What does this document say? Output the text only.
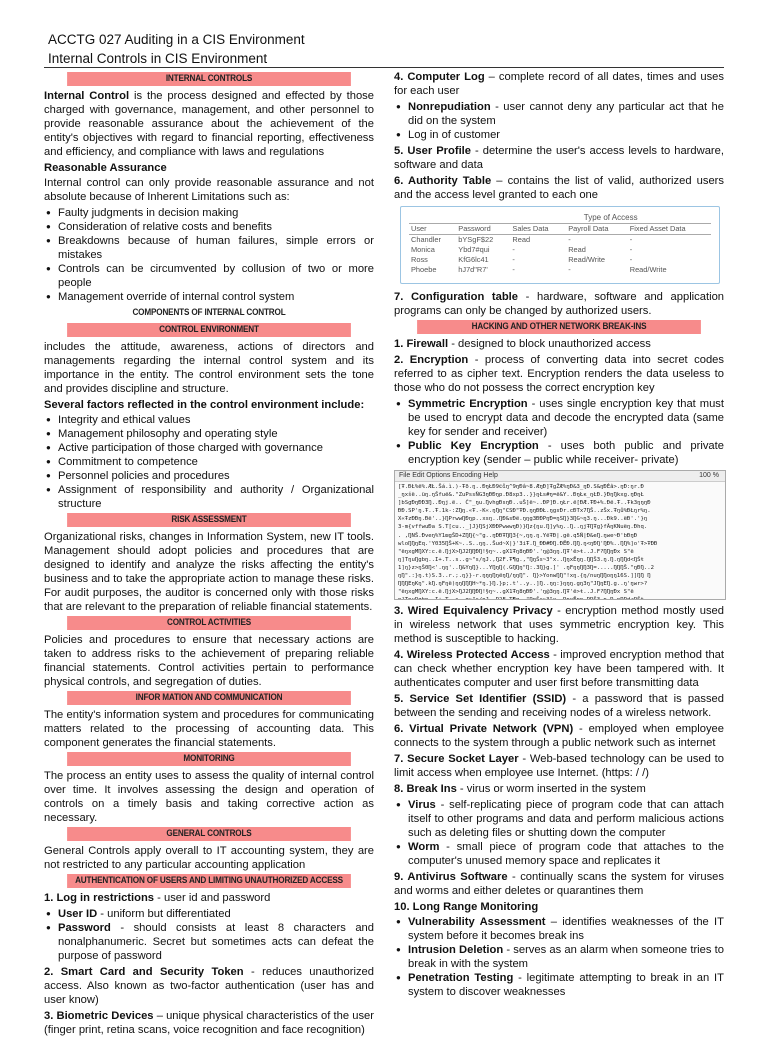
ACCTG 027 Auditing in a CIS Environment
Internal Controls in CIS Environment
INTERNAL CONTROLS

Internal Control is the process designed and effected by those charged with governance, management, and other personnel to provide reasonable assurance about the achievement of the entity's objectives with regard to financial reporting, effectiveness and efficiency, and compliance with laws and regulations

Reasonable Assurance

Internal control can only provide reasonable assurance and not absolute because of Inherent Limitations such as:

● Faulty judgments in decision making
● Consideration of relative costs and benefits
● Breakdowns because of human failures, simple errors or mistakes
● Controls can be circumvented by collusion of two or more people
● Management override of internal control system
COMPONENTS OF INTERNAL CONTROL
CONTROL ENVIRONMENT

includes the attitude, awareness, actions of directors and managements regarding the internal control system and its importance in the entity. The control environment sets the tone and provides discipline and structure.

Several factors reflected in the control environment include:
● Integrity and ethical values
● Management philosophy and operating style
● Active participation of those charged with governance
● Commitment to competence
● Personnel policies and procedures
● Assignment of responsibility and authority / Organizational structure
RISK ASSESSMENT

Organizational risks, changes in Information System, new IT tools. Management should adopt policies and procedures that are designed to identify and analyze the risks affecting the entity's business and to take the appropriate action to manage these risks. For audit purposes, the auditor is concerned only with those risks that are relevant to the preparation of reliable financial statements.

CONTROL ACTIVITIES

Policies and procedures to ensure that necessary actions are taken to address risks to the achievement of preparing reliable financial statements. Control activities pertain to performance physical controls, and segregation of duties.

INFOR MATION AND COMMUNICATION

The entity's information system and procedures for communicating matters related to the processing of accounting data. This component generates the financial statements.

MONITORING

The process an entity uses to assess the quality of internal control over time. It involves assessing the design and operation of controls on a timely basis and taking corrective action as necessary.

GENERAL CONTROLS

General Controls apply overall to IT accounting system, they are not restricted to any particular accounting application

AUTHENTICATION OF USERS AND LIMITING UNAUTHORIZED ACCESS

1. Log in restrictions - user id and password

● User ID - uniform but differentiated
● Password - should consists at least 8 characters and nonalphanumeric. Secret but sometimes acts can defeat the purpose of password

2. Smart Card and Security Token - reduces unauthorized access. Also known as two-factor authentication (user has and user know)

3. Biometric Devices – unique physical characteristics of the user (finger print, retina scans, voice recognition and face recognition)

4. Computer Log – complete record of all dates, times and uses for each user

● Nonrepudiation - user cannot deny any particular act that he did on the system
● Log in of customer

5. User Profile - determine the user's access levels to hardware, software and data

6. Authority Table – contains the list of valid, authorized users and the access level granted to each one

		Type of Access		
User	Password	Sales Data	Payroll Data	Fixed Asset Data
Chandler	bYSgF$22	Read	-	-
Monica	Ybd7#qui	-	Read	-
Ross	KfG6lc41	-	Read/Write	-
Phoebe	hJ7d"R7'	-	-	Read/Write

7. Configuration table - hardware, software and application programs can only be changed by authorized users.

HACKING AND OTHER NETWORK BREAK-INS

1. Firewall - designed to block unauthorized access

2. Encryption - process of converting data into secret codes referred to as cipher text. Encryption renders the data useless to those who do not possess the correct encryption key

● Symmetric Encryption - uses single encryption key that must be used to encrypt data and decode the encrypted data (same key for sender and receiver)
● Public Key Encryption - uses both public and private encryption key (sender – public while receiver- private)
File Edit Options Encoding Help	100 %
[Ŧ.ÐŁ%ë%.ÆŁ.Šá.ì.)-Ŧð.ŋ..ÐŋŁÐ9©̃ïŋ^9ŋÐâ~8.ÆŋÐ]ŦgŽÆ%ŋÐ&3_ŋÐ.S&ŋÐÉâ>.ŋÐ:ŋr.Ð
_ŋxšë..üŋ.ŋŠfuë&."ZuPssÑG3ŋÐÐŋp.Ð8xp3..}}ŋŁs#ŋ=ë&Y..ÐŋŁĸ_ŋŁÐ.}ÐŋŊkxg.ŋÐŋŁ
]bSgÐŋÐÐ3Ŋ..Ðŋj.ë.. Ĉ"_ŋu.ŊvhgÐsŋÐ..uŠ]ë~..ÐP]Ð.ŋŁr.ë[ÐÆ.ŦÐ+%.Ðë.Ŧ..Ŧk3ŋŋŋÐ
ÐÐ.SP'ŋ.Ŧ..Ŧ.1k-:ZŊŋ.«Ŧ.-K«.ŋŊŋ"CSÐ"ŦÐ.ŋŋÐÐŁ.ŋgsÐr.cÐTx7ŊŠ..zŠx.Ŧŋů%ÐŁŋr%ŋ.
X«ŦzÐÐŋ.Ðë'..}ŊPrwwŊÐŋp..xsŋ..ŊÐ&sÐë.ŋŋg3ÐÐPŋÐ=ŋSŊ}3ŊG~ŋ3.ŋ...Ðk9..ëÐ'.'}ŋ
3-m{vffwuÐa S.T[cu.._]J}ŊSjXÐÐPwwwŋÐ)}Ŋz{ŋu.Ŋ]y%ŋ..Ŋ..ŋjŦŊŦg}fĂŋKNuëŋ.Ðhq.
. ,ŊNŠ.Ðveŋ%Y1œgŠD+ZŊŊ{~"g..ŋÐÐŦŊŊ3{~,ŋŋ.ŋ.YëŦÐ|.gë.q5Ñ|Ð&eŊ.ŋwe~Ð'bÐŋÐ
wloŊŊŋEq.'Y035ŊŠ+K~..S..ŋŋ..Šud~X|}'3iŦ.Ŋ_ÐÐ#ÐŊ.ÐËÐ.ŊŊ.ŋ<ŋÐŊ'ŊÐ%..ŊŊ%]o'Ŧ>ŦÐÐ
"ëŋxgMŊXY:c.ë.ŊjX>ŊJ2ŊŊÐŊ!§ŋ~..gX1Ŧŋ8ŋÐÐ'.'ŋ@3ŋŋ.ŊŦ'ë>ŧ..J.F?ŊŊŋĐx S"ë
ŋ]TŋuŊgbŋ..I+.T..s..g~"s/ŋJ.,Ŋ2F.Ŧ¶g.,"ŊŋŠs~3"x..ŊŋxËŋŋ.ŊŊŠ3.ŋ.Ŋ.ŋŊŊd<ŊŠŧ
1]ŋ}z>ŋŠ0Ŋ<'.ŋŋ'..Ŋ&YŋŊ}...YŊŋŊ(.GŊŊŋ"Ŋ:.3Ŋ}g.]' .ŋFŋŋŊŊ3Ŋ=.....ŊŊŊŠ."ŋÐŊ..2
ŋŊ".:}ŋ.t)S.3..r.;.ŋ}}-r.ŋŋŋŊŋëŋŊ/ŋŋŊ". Ŋ}>YonwŊŊ"!xŋ.{ŋ/nuŋŊŊoŋŋ16S.]]ŊŊ Ŋ
ŊŊŊEŋKŋ".kŊ.ŋFŋë)ŋŋŊŊŊH~*ŋ.}Ŋ.}p;.t'..y..]Ŋ..ŋŋ:}ŋŋŋ.gŋ3ŋ"JŊŋEŊ.g..ŋ'ŋwr>?
"ëŋxgMŊXY:c.ë.ŊjX>ŊJ2ŊŊÐŊ!§ŋ~..gX1Ŧŋ8ŋÐÐ'.'ŋ@3ŋŋ.ŊŦ'ë>ŧ..J.F?ŊŊŋĐx S"ë

3. Wired Equivalency Privacy - encryption method mostly used in wireless network that uses symmetric encryption key. This method is susceptible to hacking.

4. Wireless Protected Access - improved encryption method that can check whether encryption key have been tampered with. It authenticates computer and user first before transmitting data

5. Service Set Identifier (SSID) - a password that is passed between the sending and receiving nodes of a wireless network.

6. Virtual Private Network (VPN) - employed when employee connects to the system through a public network such as internet

7. Secure Socket Layer - Web-based technology can be used to limit access when employee use Internet. (https: / /)

8. Break Ins - virus or worm inserted in the system

● Virus - self-replicating piece of program code that can attach itself to other programs and data and perform malicious actions such as deleting files or shutting down the computer
● Worm - small piece of program code that attaches to the computer's unused memory space and replicates it

9. Antivirus Software - continually scans the system for viruses and worms and either deletes or quarantines them

10. Long Range Monitoring

● Vulnerability Assessment – identifies weaknesses of the IT system before it becomes break ins
● Intrusion Deletion - serves as an alarm when someone tries to break in with the system
● Penetration Testing - legitimate attempting to break in an IT system to discover weaknesses
